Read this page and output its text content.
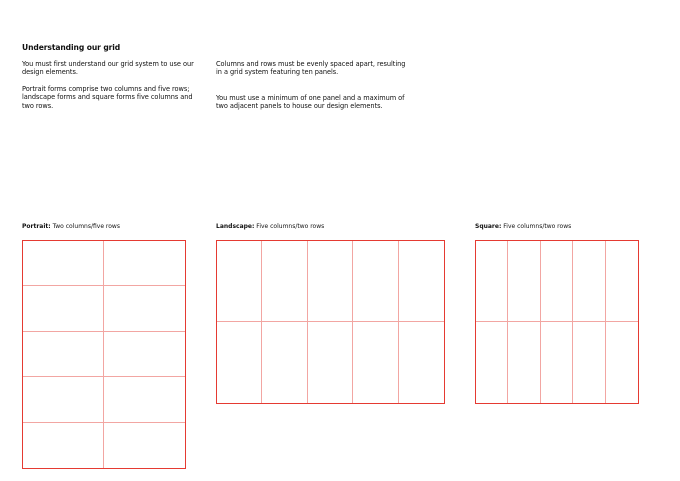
Understanding our grid

You must first understand our grid system to use our design elements.

Portrait forms comprise two columns and five rows; landscape forms and square forms five columns and two rows.

Columns and rows must be evenly spaced apart, resulting in a grid system featuring ten panels.

You must use a minimum of one panel and a maximum of two adjacent panels to house our design elements.

Portrait: Two columns/five rows	Landscape: Five columns/two rows	Square: Five columns/two rows
